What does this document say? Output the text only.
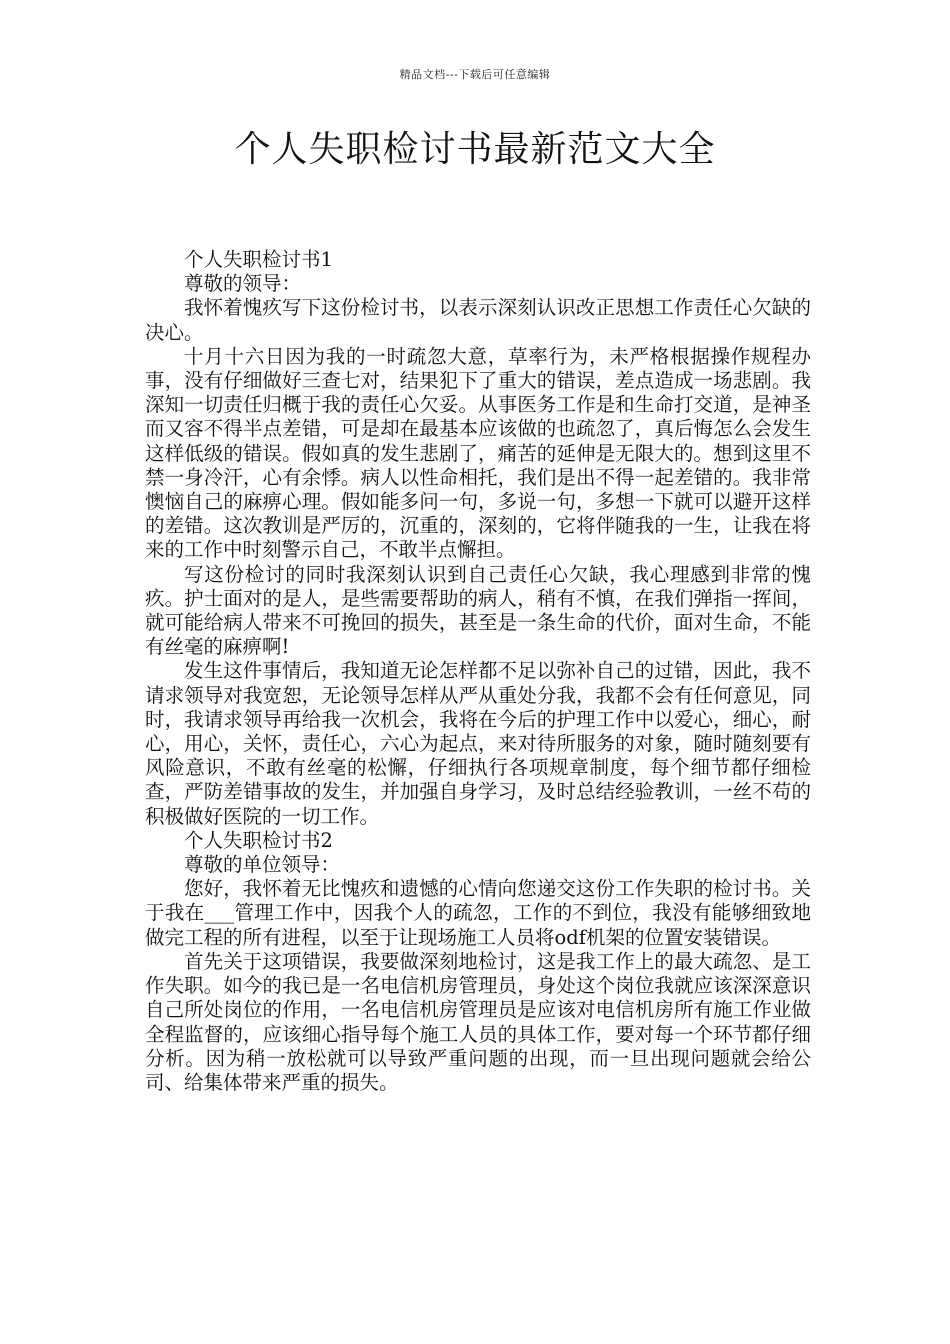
精品文档---下载后可任意编辑
个人失职检讨书最新范文大全

个人失职检讨书1

尊敬的领导：

我怀着愧疚写下这份检讨书，以表示深刻认识改正思想工作责任心欠缺的决心。

十月十六日因为我的一时疏忽大意，草率行为，未严格根据操作规程办事，没有仔细做好三查七对，结果犯下了重大的错误，差点造成一场悲剧。我深知一切责任归概于我的责任心欠妥。从事医务工作是和生命打交道，是神圣而又容不得半点差错，可是却在最基本应该做的也疏忽了，真后悔怎么会发生这样低级的错误。假如真的发生悲剧了，痛苦的延伸是无限大的。想到这里不禁一身冷汗，心有余悸。病人以性命相托，我们是出不得一起差错的。我非常懊恼自己的麻痹心理。假如能多问一句，多说一句，多想一下就可以避开这样的差错。这次教训是严厉的，沉重的，深刻的，它将伴随我的一生，让我在将来的工作中时刻警示自己，不敢半点懈担。

写这份检讨的同时我深刻认识到自己责任心欠缺，我心理感到非常的愧疚。护士面对的是人，是些需要帮助的病人，稍有不慎，在我们弹指一挥间，就可能给病人带来不可挽回的损失，甚至是一条生命的代价，面对生命，不能有丝毫的麻痹啊!

发生这件事情后，我知道无论怎样都不足以弥补自己的过错，因此，我不请求领导对我宽恕，无论领导怎样从严从重处分我，我都不会有任何意见，同时，我请求领导再给我一次机会，我将在今后的护理工作中以爱心，细心，耐心，用心，关怀，责任心，六心为起点，来对待所服务的对象，随时随刻要有风险意识，不敢有丝毫的松懈，仔细执行各项规章制度，每个细节都仔细检查，严防差错事故的发生，并加强自身学习，及时总结经验教训，一丝不苟的积极做好医院的一切工作。

个人失职检讨书2

尊敬的单位领导：

您好，我怀着无比愧疚和遗憾的心情向您递交这份工作失职的检讨书。关于我在___管理工作中，因我个人的疏忽，工作的不到位，我没有能够细致地做完工程的所有进程，以至于让现场施工人员将odf机架的位置安装错误。

首先关于这项错误，我要做深刻地检讨，这是我工作上的最大疏忽、是工作失职。如今的我已是一名电信机房管理员，身处这个岗位我就应该深深意识自己所处岗位的作用，一名电信机房管理员是应该对电信机房所有施工作业做全程监督的，应该细心指导每个施工人员的具体工作，要对每一个环节都仔细分析。因为稍一放松就可以导致严重问题的出现，而一旦出现问题就会给公司、给集体带来严重的损失。
